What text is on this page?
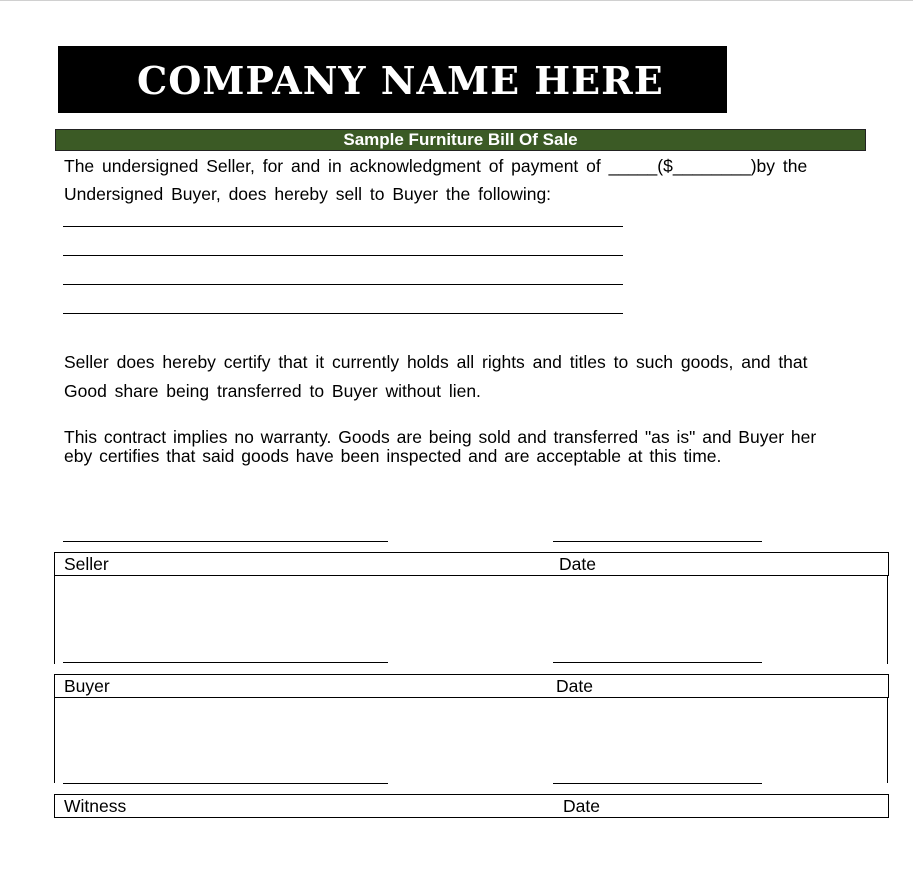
COMPANY NAME HERE
Sample Furniture Bill Of Sale
The undersigned Seller, for and in acknowledgment of payment of _____($________)by the
Undersigned Buyer, does hereby sell to Buyer the following:
Seller does hereby certify that it currently holds all rights and titles to such goods, and that
Good share being transferred to Buyer without lien.
This contract implies no warranty. Goods are being sold and transferred "as is" and Buyer her
eby certifies that said goods have been inspected and are acceptable at this time.
Seller	Date
Buyer	Date
Witness	Date
